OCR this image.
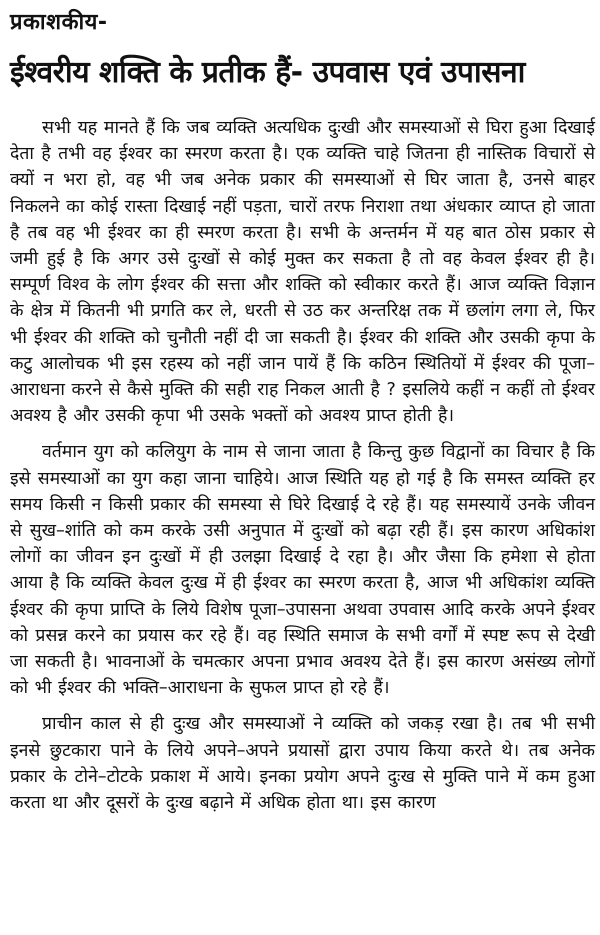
प्रकाशकीय-
ईश्वरीय शक्ति के प्रतीक हैं- उपवास एवं उपासना

सभी यह मानते हैं कि जब व्यक्ति अत्यधिक दुःखी और समस्याओं से घिरा हुआ दिखाई देता है तभी वह ईश्वर का स्मरण करता है। एक व्यक्ति चाहे जितना ही नास्तिक विचारों से क्यों न भरा हो, वह भी जब अनेक प्रकार की समस्याओं से घिर जाता है, उनसे बाहर निकलने का कोई रास्ता दिखाई नहीं पड़ता, चारों तरफ निराशा तथा अंधकार व्याप्त हो जाता है तब वह भी ईश्वर का ही स्मरण करता है। सभी के अन्तर्मन में यह बात ठोस प्रकार से जमी हुई है कि अगर उसे दुःखों से कोई मुक्त कर सकता है तो वह केवल ईश्वर ही है। सम्पूर्ण विश्व के लोग ईश्वर की सत्ता और शक्ति को स्वीकार करते हैं। आज व्यक्ति विज्ञान के क्षेत्र में कितनी भी प्रगति कर ले, धरती से उठ कर अन्तरिक्ष तक में छलांग लगा ले, फिर भी ईश्वर की शक्ति को चुनौती नहीं दी जा सकती है। ईश्वर की शक्ति और उसकी कृपा के कटु आलोचक भी इस रहस्य को नहीं जान पायें हैं कि कठिन स्थितियों में ईश्वर की पूजा–आराधना करने से कैसे मुक्ति की सही राह निकल आती है ? इसलिये कहीं न कहीं तो ईश्वर अवश्य है और उसकी कृपा भी उसके भक्तों को अवश्य प्राप्त होती है।

वर्तमान युग को कलियुग के नाम से जाना जाता है किन्तु कुछ विद्वानों का विचार है कि इसे समस्याओं का युग कहा जाना चाहिये। आज स्थिति यह हो गई है कि समस्त व्यक्ति हर समय किसी न किसी प्रकार की समस्या से घिरे दिखाई दे रहे हैं। यह समस्यायें उनके जीवन से सुख–शांति को कम करके उसी अनुपात में दुःखों को बढ़ा रही हैं। इस कारण अधिकांश लोगों का जीवन इन दुःखों में ही उलझा दिखाई दे रहा है। और जैसा कि हमेशा से होता आया है कि व्यक्ति केवल दुःख में ही ईश्वर का स्मरण करता है, आज भी अधिकांश व्यक्ति ईश्वर की कृपा प्राप्ति के लिये विशेष पूजा–उपासना अथवा उपवास आदि करके अपने ईश्वर को प्रसन्न करने का प्रयास कर रहे हैं। वह स्थिति समाज के सभी वर्गों में स्पष्ट रूप से देखी जा सकती है। भावनाओं के चमत्कार अपना प्रभाव अवश्य देते हैं। इस कारण असंख्य लोगों को भी ईश्वर की भक्ति–आराधना के सुफल प्राप्त हो रहे हैं।

प्राचीन काल से ही दुःख और समस्याओं ने व्यक्ति को जकड़ रखा है। तब भी सभी इनसे छुटकारा पाने के लिये अपने–अपने प्रयासों द्वारा उपाय किया करते थे। तब अनेक प्रकार के टोने–टोटके प्रकाश में आये। इनका प्रयोग अपने दुःख से मुक्ति पाने में कम हुआ करता था और दूसरों के दुःख बढ़ाने में अधिक होता था। इस कारण
